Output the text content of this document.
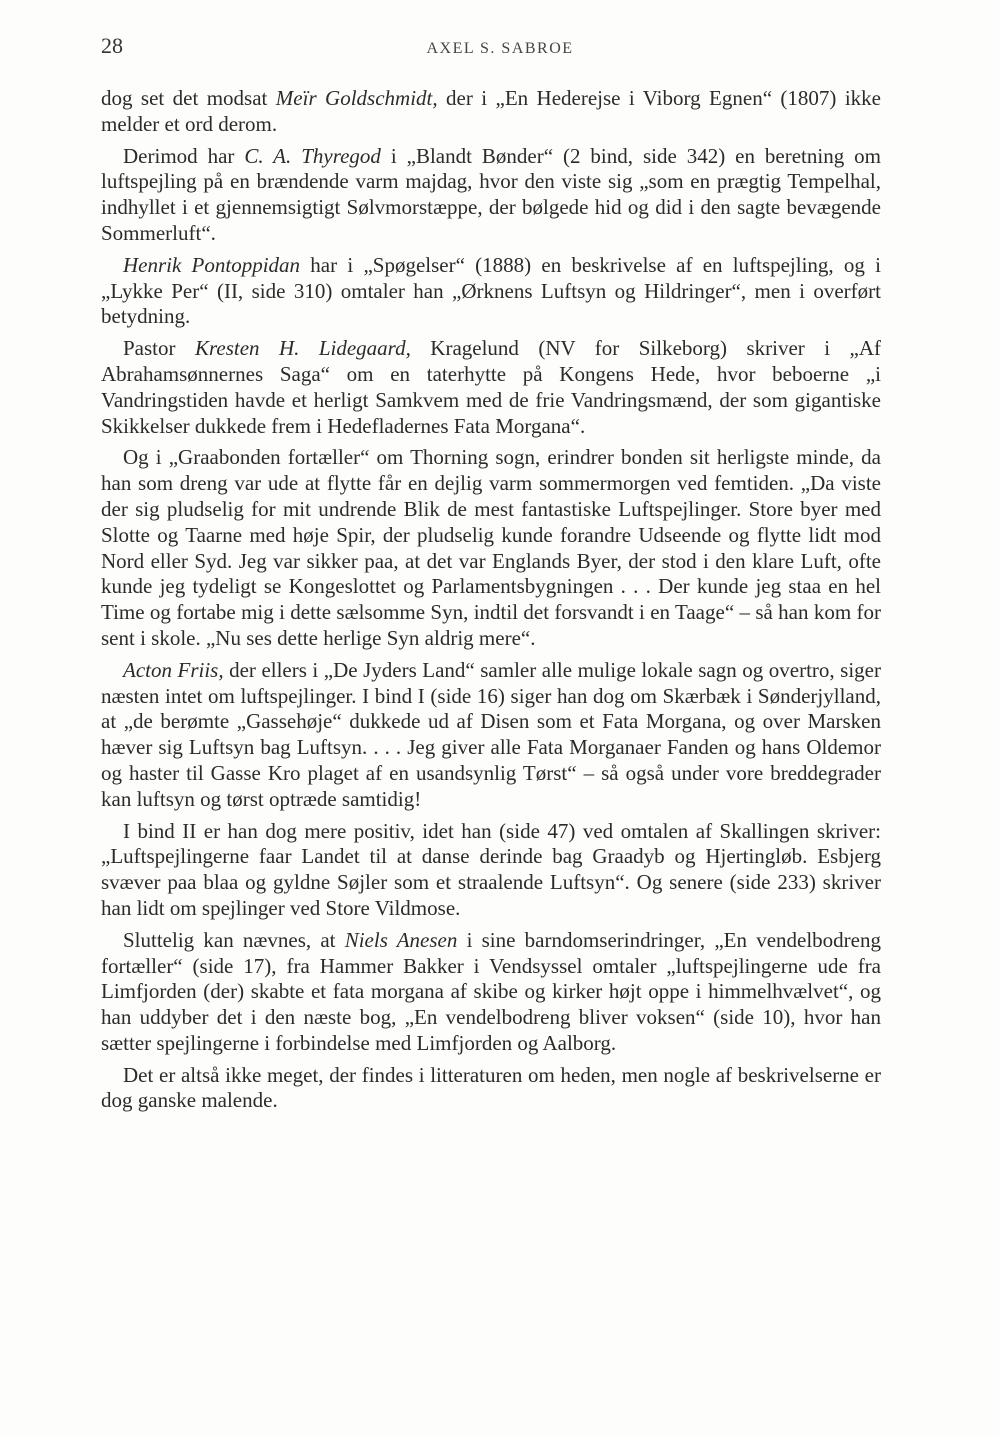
28	AXEL S. SABROE

dog set det modsat Meïr Goldschmidt, der i „En Hederejse i Viborg Egnen“ (1807) ikke melder et ord derom.

Derimod har C. A. Thyregod i „Blandt Bønder“ (2 bind, side 342) en beretning om luftspejling på en brændende varm majdag, hvor den viste sig „som en prægtig Tempelhal, indhyllet i et gjennemsigtigt Sølvmorstæppe, der bølgede hid og did i den sagte bevægende Sommerluft“.

Henrik Pontoppidan har i „Spøgelser“ (1888) en beskrivelse af en luftspejling, og i „Lykke Per“ (II, side 310) omtaler han „Ørknens Luftsyn og Hildringer“, men i overført betydning.

Pastor Kresten H. Lidegaard, Kragelund (NV for Silkeborg) skriver i „Af Abrahamsønnernes Saga“ om en taterhytte på Kongens Hede, hvor beboerne „i Vandringstiden havde et herligt Samkvem med de frie Vandringsmænd, der som gigantiske Skikkelser dukkede frem i Hedefladernes Fata Morgana“.

Og i „Graabonden fortæller“ om Thorning sogn, erindrer bonden sit herligste minde, da han som dreng var ude at flytte får en dejlig varm sommermorgen ved femtiden. „Da viste der sig pludselig for mit undrende Blik de mest fantastiske Luftspejlinger. Store byer med Slotte og Taarne med høje Spir, der pludselig kunde forandre Udseende og flytte lidt mod Nord eller Syd. Jeg var sikker paa, at det var Englands Byer, der stod i den klare Luft, ofte kunde jeg tydeligt se Kongeslottet og Parlamentsbygningen . . . Der kunde jeg staa en hel Time og fortabe mig i dette sælsomme Syn, indtil det forsvandt i en Taage“ – så han kom for sent i skole. „Nu ses dette herlige Syn aldrig mere“.

Acton Friis, der ellers i „De Jyders Land“ samler alle mulige lokale sagn og overtro, siger næsten intet om luftspejlinger. I bind I (side 16) siger han dog om Skærbæk i Sønderjylland, at „de berømte „Gassehøje“ dukkede ud af Disen som et Fata Morgana, og over Marsken hæver sig Luftsyn bag Luftsyn. . . . Jeg giver alle Fata Morganaer Fanden og hans Oldemor og haster til Gasse Kro plaget af en usandsynlig Tørst“ – så også under vore breddegrader kan luftsyn og tørst optræde samtidig!

I bind II er han dog mere positiv, idet han (side 47) ved omtalen af Skallingen skriver: „Luftspejlingerne faar Landet til at danse derinde bag Graadyb og Hjertingløb. Esbjerg svæver paa blaa og gyldne Søjler som et straalende Luftsyn“. Og senere (side 233) skriver han lidt om spejlinger ved Store Vildmose.

Sluttelig kan nævnes, at Niels Anesen i sine barndomserindringer, „En vendelbodreng fortæller“ (side 17), fra Hammer Bakker i Vendsyssel omtaler „luftspejlingerne ude fra Limfjorden (der) skabte et fata morgana af skibe og kirker højt oppe i himmelhvælvet“, og han uddyber det i den næste bog, „En vendelbodreng bliver voksen“ (side 10), hvor han sætter spejlingerne i forbindelse med Limfjorden og Aalborg.

Det er altså ikke meget, der findes i litteraturen om heden, men nogle af beskrivelserne er dog ganske malende.
